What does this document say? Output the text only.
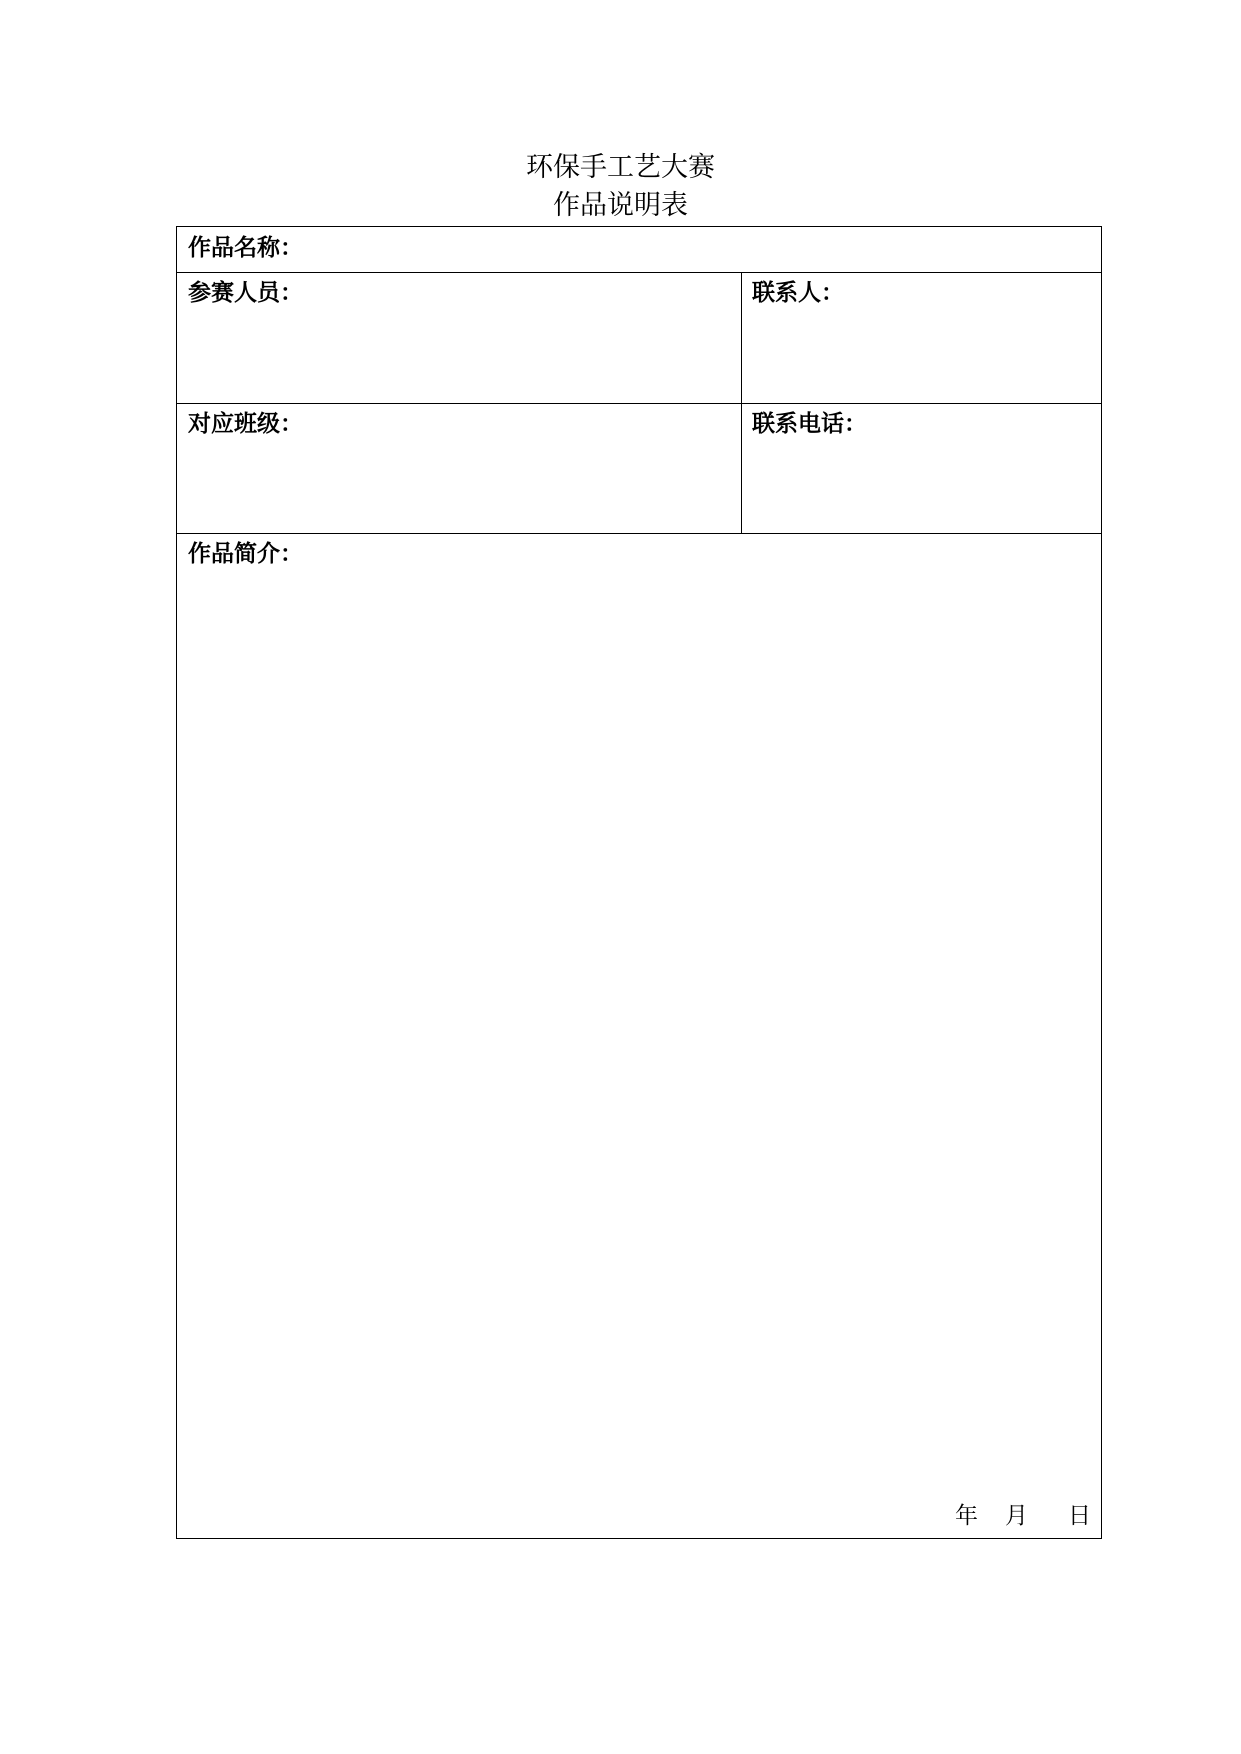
环保手工艺大赛
作品说明表
作品名称：
参赛人员：	联系人：
对应班级：	联系电话：
作品简介：
年 月 日
